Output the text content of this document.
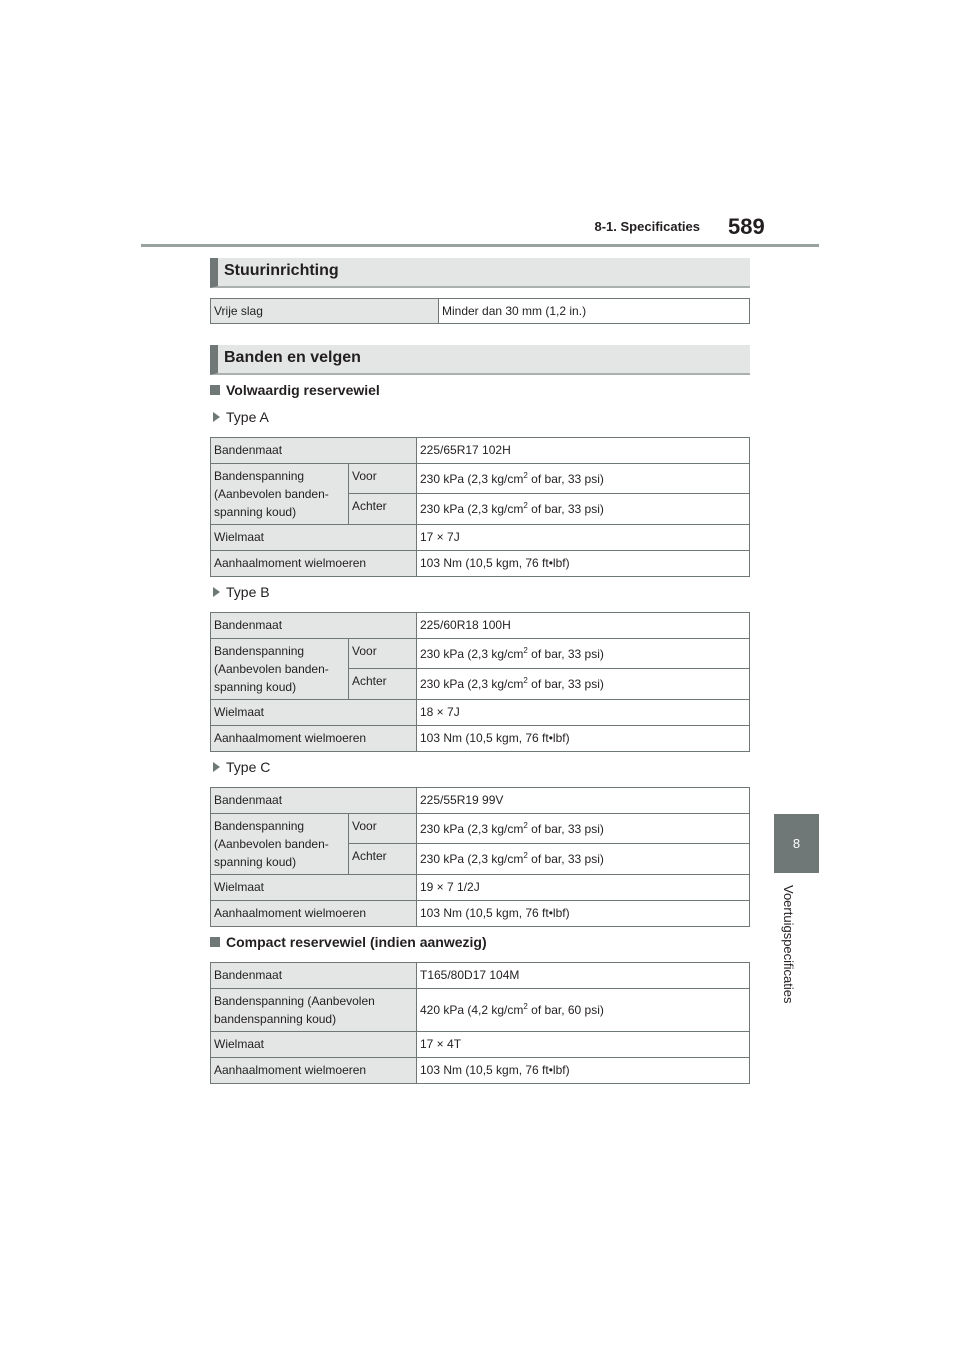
8-1. Specificaties 589
8
Voertuigspecificaties
Stuurinrichting
Vrije slag	Minder dan 30 mm (1,2 in.)
Banden en velgen
Volwaardig reservewiel
Type A
Bandenmaat		225/65R17 102H
Bandenspanning (Aanbevolen banden-spanning koud)	Voor	230 kPa (2,3 $kg/cm^2$ of bar, 33 psi)
	Achter	230 kPa (2,3 $kg/cm^2$ of bar, 33 psi)
Wielmaat		17 × 7J
Aanhaalmoment wielmoeren		103 Nm (10,5 kgm, 76 ft•lbf)
Type B
Bandenmaat		225/60R18 100H
Bandenspanning (Aanbevolen banden-spanning koud)	Voor	230 kPa (2,3 $kg/cm^2$ of bar, 33 psi)
	Achter	230 kPa (2,3 $kg/cm^2$ of bar, 33 psi)
Wielmaat		18 × 7J
Aanhaalmoment wielmoeren		103 Nm (10,5 kgm, 76 ft•lbf)
Type C
Bandenmaat		225/55R19 99V
Bandenspanning (Aanbevolen banden-spanning koud)	Voor	230 kPa (2,3 $kg/cm^2$ of bar, 33 psi)
	Achter	230 kPa (2,3 $kg/cm^2$ of bar, 33 psi)
Wielmaat		19 × 7 1/2J
Aanhaalmoment wielmoeren		103 Nm (10,5 kgm, 76 ft•lbf)
Compact reservewiel (indien aanwezig)
Bandenmaat	T165/80D17 104M
Bandenspanning (Aanbevolen bandenspanning koud)	420 kPa (4,2 $kg/cm^2$ of bar, 60 psi)
Wielmaat	17 × 4T
Aanhaalmoment wielmoeren	103 Nm (10,5 kgm, 76 ft•lbf)
